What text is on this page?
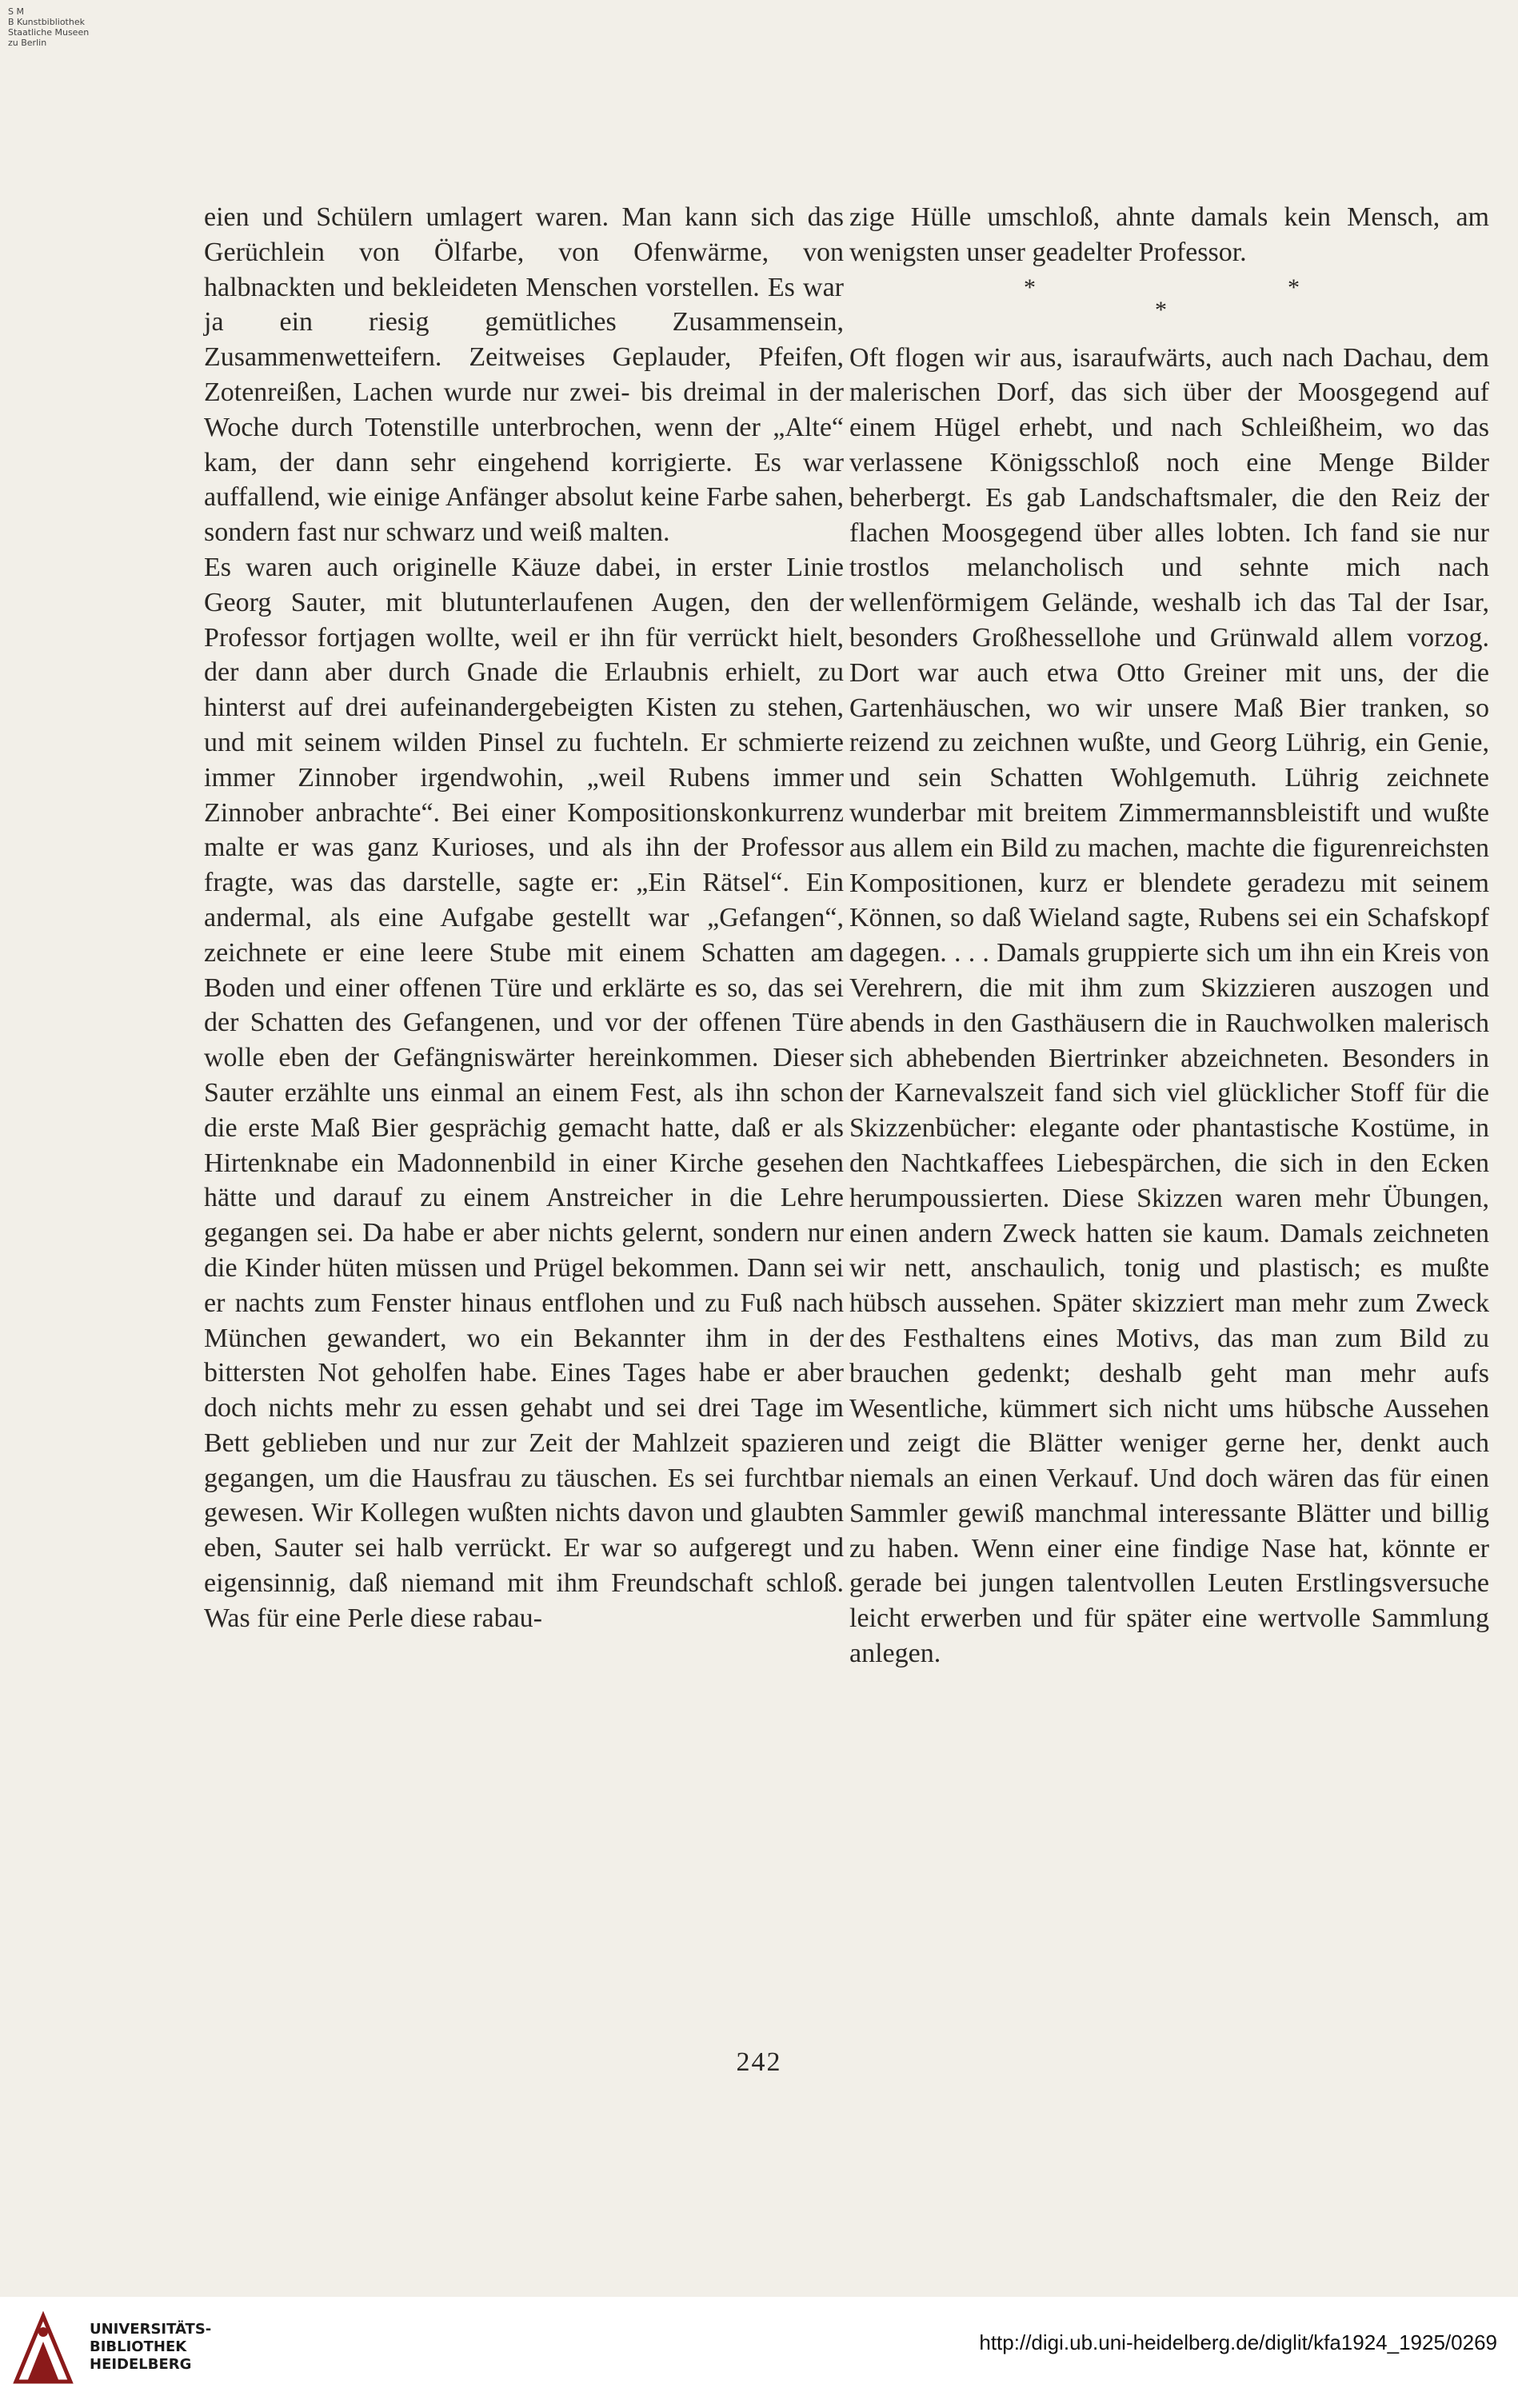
S M
B Kunstbibliothek
Staatliche Museen
zu Berlin

eien und Schülern umlagert waren. Man kann sich das Gerüchlein von Ölfarbe, von Ofenwärme, von halbnackten und bekleideten Menschen vorstellen. Es war ja ein riesig gemütliches Zusammensein, Zusammenwetteifern. Zeitweises Geplauder, Pfeifen, Zotenreißen, Lachen wurde nur zwei- bis dreimal in der Woche durch Totenstille unterbrochen, wenn der „Alte“ kam, der dann sehr eingehend korrigierte. Es war auffallend, wie einige Anfänger absolut keine Farbe sahen, sondern fast nur schwarz und weiß malten.

Es waren auch originelle Käuze dabei, in erster Linie Georg Sauter, mit blutunterlaufenen Augen, den der Professor fortjagen wollte, weil er ihn für verrückt hielt, der dann aber durch Gnade die Erlaubnis erhielt, zu hinterst auf drei aufeinandergebeigten Kisten zu stehen, und mit seinem wilden Pinsel zu fuchteln. Er schmierte immer Zinnober irgendwohin, „weil Rubens immer Zinnober anbrachte“. Bei einer Kompositionskonkurrenz malte er was ganz Kurioses, und als ihn der Professor fragte, was das darstelle, sagte er: „Ein Rätsel“. Ein andermal, als eine Aufgabe gestellt war „Gefangen“, zeichnete er eine leere Stube mit einem Schatten am Boden und einer offenen Türe und erklärte es so, das sei der Schatten des Gefangenen, und vor der offenen Türe wolle eben der Gefängniswärter hereinkommen. Dieser Sauter erzählte uns einmal an einem Fest, als ihn schon die erste Maß Bier gesprächig gemacht hatte, daß er als Hirtenknabe ein Madonnenbild in einer Kirche gesehen hätte und darauf zu einem Anstreicher in die Lehre gegangen sei. Da habe er aber nichts gelernt, sondern nur die Kinder hüten müssen und Prügel bekommen. Dann sei er nachts zum Fenster hinaus entflohen und zu Fuß nach München gewandert, wo ein Bekannter ihm in der bittersten Not geholfen habe. Eines Tages habe er aber doch nichts mehr zu essen gehabt und sei drei Tage im Bett geblieben und nur zur Zeit der Mahlzeit spazieren gegangen, um die Hausfrau zu täuschen. Es sei furchtbar gewesen. Wir Kollegen wußten nichts davon und glaubten eben, Sauter sei halb verrückt. Er war so aufgeregt und eigensinnig, daß niemand mit ihm Freundschaft schloß. Was für eine Perle diese rabau-

zige Hülle umschloß, ahnte damals kein Mensch, am wenigsten unser geadelter Professor.

*
*
*

Oft flogen wir aus, isaraufwärts, auch nach Dachau, dem malerischen Dorf, das sich über der Moosgegend auf einem Hügel erhebt, und nach Schleißheim, wo das verlassene Königsschloß noch eine Menge Bilder beherbergt. Es gab Landschaftsmaler, die den Reiz der flachen Moosgegend über alles lobten. Ich fand sie nur trostlos melancholisch und sehnte mich nach wellenförmigem Gelände, weshalb ich das Tal der Isar, besonders Großhessellohe und Grünwald allem vorzog. Dort war auch etwa Otto Greiner mit uns, der die Gartenhäuschen, wo wir unsere Maß Bier tranken, so reizend zu zeichnen wußte, und Georg Lührig, ein Genie, und sein Schatten Wohlgemuth. Lührig zeichnete wunderbar mit breitem Zimmermannsbleistift und wußte aus allem ein Bild zu machen, machte die figurenreichsten Kompositionen, kurz er blendete geradezu mit seinem Können, so daß Wieland sagte, Rubens sei ein Schafskopf dagegen. . . . Damals gruppierte sich um ihn ein Kreis von Verehrern, die mit ihm zum Skizzieren auszogen und abends in den Gasthäusern die in Rauchwolken malerisch sich abhebenden Biertrinker abzeichneten. Besonders in der Karnevalszeit fand sich viel glücklicher Stoff für die Skizzenbücher: elegante oder phantastische Kostüme, in den Nachtkaffees Liebespärchen, die sich in den Ecken herumpoussierten. Diese Skizzen waren mehr Übungen, einen andern Zweck hatten sie kaum. Damals zeichneten wir nett, anschaulich, tonig und plastisch; es mußte hübsch aussehen. Später skizziert man mehr zum Zweck des Festhaltens eines Motivs, das man zum Bild zu brauchen gedenkt; deshalb geht man mehr aufs Wesentliche, kümmert sich nicht ums hübsche Aussehen und zeigt die Blätter weniger gerne her, denkt auch niemals an einen Verkauf. Und doch wären das für einen Sammler gewiß manchmal interessante Blätter und billig zu haben. Wenn einer eine findige Nase hat, könnte er gerade bei jungen talentvollen Leuten Erstlingsversuche leicht erwerben und für später eine wertvolle Sammlung anlegen.

242
UNIVERSITÄTS-
BIBLIOTHEK
HEIDELBERG
http://digi.ub.uni-heidelberg.de/diglit/kfa1924_1925/0269
